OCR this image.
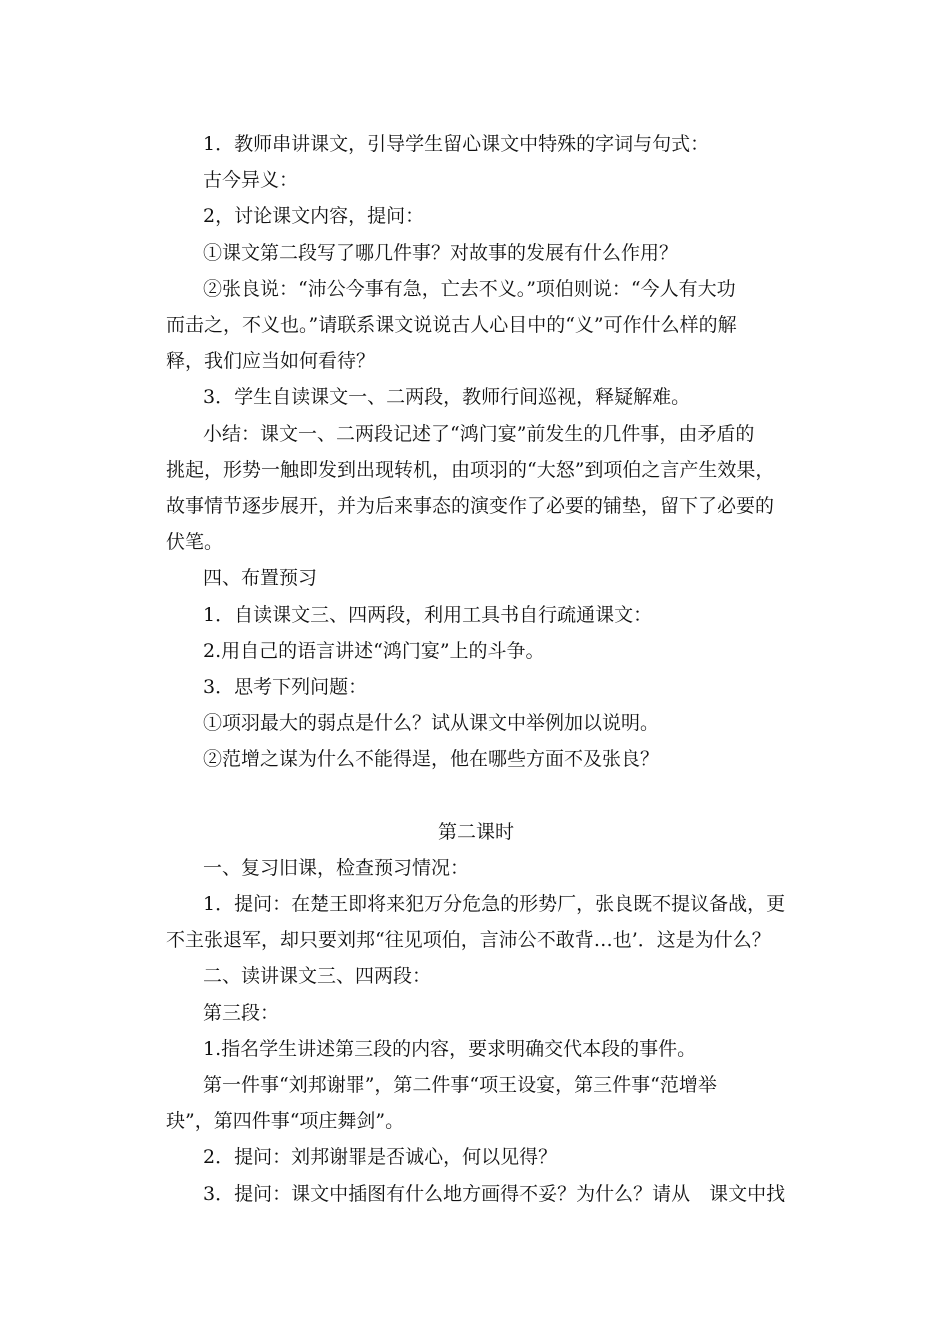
1．教师串讲课文，引导学生留心课文中特殊的字词与句式：

古今异义：

2，讨论课文内容，提问：

①课文第二段写了哪几件事？对故事的发展有什么作用？

②张良说：“沛公今事有急，亡去不义。”项伯则说：“今人有大功
而击之，不义也。”请联系课文说说古人心目中的“义”可作什么样的解
释，我们应当如何看待？

3．学生自读课文一、二两段，教师行间巡视，释疑解难。

小结：课文一、二两段记述了“鸿门宴”前发生的几件事，由矛盾的
挑起，形势一触即发到出现转机，由项羽的“大怒”到项伯之言产生效果，
故事情节逐步展开，并为后来事态的演变作了必要的铺垫，留下了必要的
伏笔。

四、布置预习

1．自读课文三、四两段，利用工具书自行疏通课文：

2.用自己的语言讲述“鸿门宴”上的斗争。

3．思考下列问题：

①项羽最大的弱点是什么？试从课文中举例加以说明。

②范增之谋为什么不能得逞，他在哪些方面不及张良？

第二课时

一、复习旧课，检查预习情况：

1．提问：在楚王即将来犯万分危急的形势厂，张良既不提议备战，更
不主张退军，却只要刘邦“往见项伯，言沛公不敢背…也’．这是为什么？

二、读讲课文三、四两段：

第三段：

1.指名学生讲述第三段的内容，要求明确交代本段的事件。

第一件事“刘邦谢罪”，第二件事“项王设宴，第三件事“范增举
玦”，第四件事“项庄舞剑”。

2．提问：刘邦谢罪是否诚心，何以见得？

3．提问：课文中插图有什么地方画得不妥？为什么？请从　课文中找
